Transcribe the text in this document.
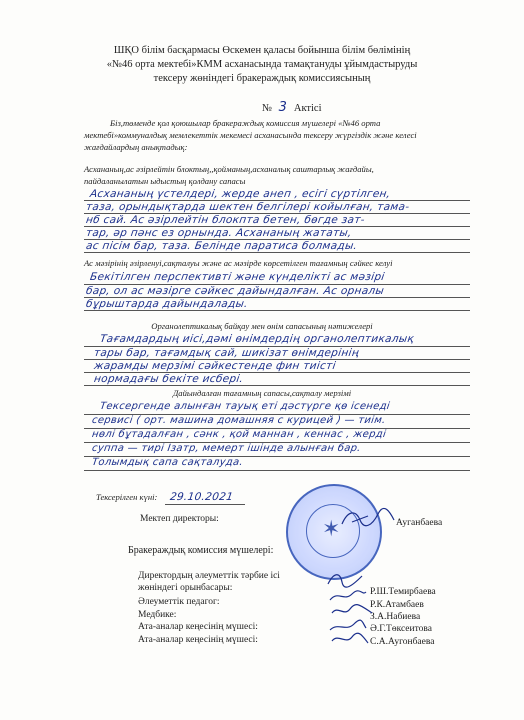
ШҚО білім басқармасы Өскемен қаласы бойынша білім бөлімінің
«№46 орта мектебі»КММ асханасында тамақтануды ұйымдастыруды
тексеру жөніндегі бракераждық комиссиясының
№ 3 Актісі
Біз,төменде қол қоюшылар бракераждық комиссия мүшелері «№46 орта
мектебі»коммуналдық мемлекеттік мекемесі асханасында тексеру жүргіздік және келесі
жағдайлардың анықтадық:
Асхананың,ас әзірлейтін блоктың,,қойманың,асханалық саштарлық жағдайы,
пайдаланылатын ыдыстың қолдану сапасы
Асхананың үстелдері, жерде анеп , есігі сүртілген,
таза, орындықтарда шектен белгілері койылған, тама-
нб сай. Ас әзірлейтін блокпта бетен, бөгде зат-
тар, әр пәнс ез орнында. Асхананың жататы,
ас пісім бар, таза. Белінде паратиса болмады.
Ас мәзірінің әзірленуі,сақталуы және ас мәзірде көрсетілген тағамның сәйкес келуі
Бекітілген перспективті және күнделікті ас мәзірі
бар, ол ас мәзірге сәйкес дайындалған. Ас орналы
бұрыштарда дайындалады.
Органолептикалық байқау мен өнім сапасының нәтижелері
Тағамдардың иісі,дәмі өнімдердің органолептикалық
тары бар, тағамдық сай, шикізат өнімдерінің
жарамды мерзімі сәйкестенде фин тиісті
нормадағы бекіте исбері.
Дайындалған тағамның сапасы,сақталу мерзімі
Тексергенде алынған тауық еті дәстүрге қө ісенеді
сервисі ( орт. машина домашняя с курицей ) — тиім.
нөлі бұтадалған , сәнк , қой маннан , кеннас , жерді
суппа — тирі Ізатр, мемерт ішінде алынған бар.
Толымдық сапа сақталуда.
Тексерілген күні: 29.10.2021
✶
Мектеп директоры:	Ауганбаева
Бракераждық комиссия мүшелері:
Директордың әлеуметтік тәрбие ісі
жөніндегі орынбасары:	Р.Ш.Темирбаева
Әлеуметтік педагог:	Р.К.Атамбаев
Медбике:	З.А.Набиева
Ата-аналар кеңесінің мүшесі:	Ә.Г.Төксеитова
Ата-аналар кеңесінің мүшесі:	С.А.Аугонбаева
